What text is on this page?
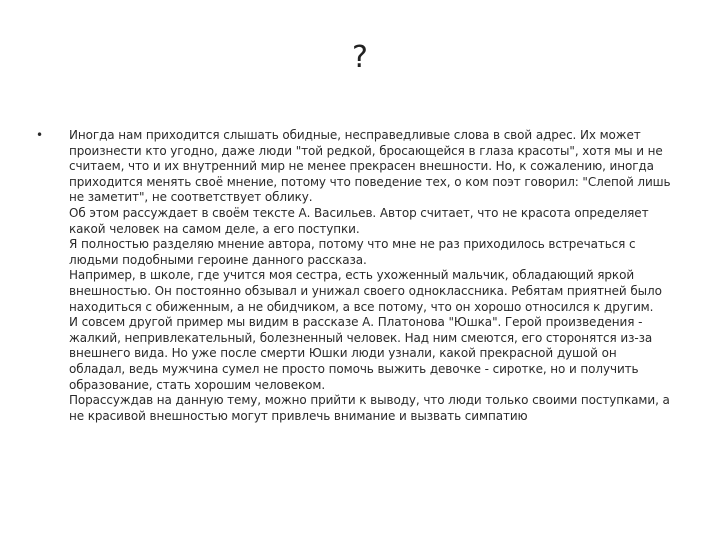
?
• Иногда нам приходится слышать обидные, несправедливые слова в свой адрес. Их может произнести кто угодно, даже люди "той редкой, бросающейся в глаза красоты", хотя мы и не считаем, что и их внутренний мир не менее прекрасен внешности. Но, к сожалению, иногда приходится менять своё мнение, потому что поведение тех, о ком поэт говорил: "Слепой лишь не заметит", не соответствует облику.
Об этом рассуждает в своём тексте А. Васильев. Автор считает, что не красота определяет какой человек на самом деле, а его поступки.
Я полностью разделяю мнение автора, потому что мне не раз приходилось встречаться с людьми подобными героине данного рассказа.
Например, в школе, где учится моя сестра, есть ухоженный мальчик, обладающий яркой внешностью. Он постоянно обзывал и унижал своего одноклассника. Ребятам приятней было находиться с обиженным, а не обидчиком, а все потому, что он хорошо относился к другим.
И совсем другой пример мы видим в рассказе А. Платонова "Юшка". Герой произведения - жалкий, непривлекательный, болезненный человек. Над ним смеются, его сторонятся из-за внешнего вида. Но уже после смерти Юшки люди узнали, какой прекрасной душой он обладал, ведь мужчина сумел не просто помочь выжить девочке - сиротке, но и получить образование, стать хорошим человеком.
Порассуждав на данную тему, можно прийти к выводу, что люди только своими поступками, а не красивой внешностью могут привлечь внимание и вызвать симпатию
